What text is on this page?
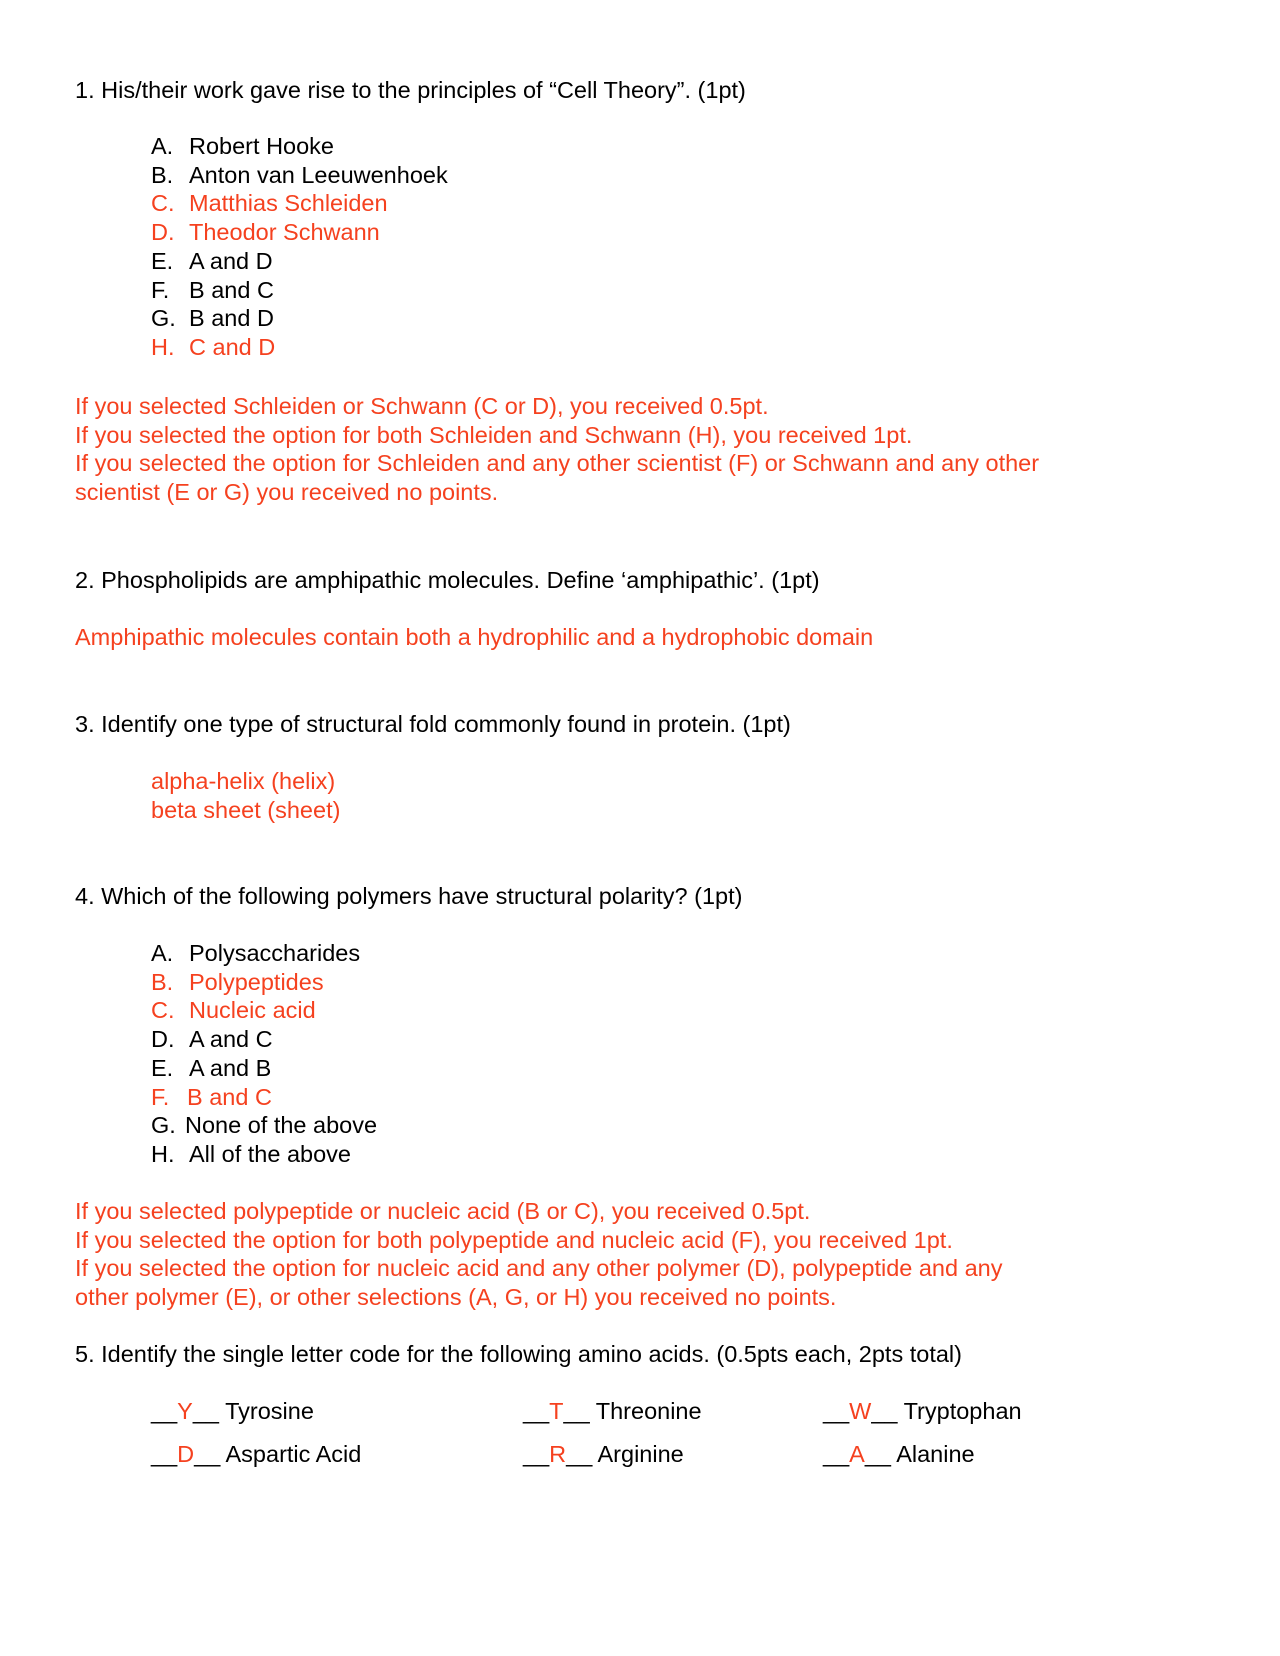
1. His/their work gave rise to the principles of “Cell Theory”. (1pt)
A. Robert Hooke
B. Anton van Leeuwenhoek
C. Matthias Schleiden
D. Theodor Schwann
E. A and D
F. B and C
G. B and D
H. C and D
If you selected Schleiden or Schwann (C or D), you received 0.5pt.
If you selected the option for both Schleiden and Schwann (H), you received 1pt.
If you selected the option for Schleiden and any other scientist (F) or Schwann and any other
scientist (E or G) you received no points.
2. Phospholipids are amphipathic molecules. Define ‘amphipathic’. (1pt)
Amphipathic molecules contain both a hydrophilic and a hydrophobic domain
3. Identify one type of structural fold commonly found in protein. (1pt)
alpha-helix (helix)
beta sheet (sheet)
4. Which of the following polymers have structural polarity? (1pt)
A. Polysaccharides
B. Polypeptides
C. Nucleic acid
D. A and C
E. A and B
F. B and C
G. None of the above
H. All of the above
If you selected polypeptide or nucleic acid (B or C), you received 0.5pt.
If you selected the option for both polypeptide and nucleic acid (F), you received 1pt.
If you selected the option for nucleic acid and any other polymer (D), polypeptide and any
other polymer (E), or other selections (A, G, or H) you received no points.
5. Identify the single letter code for the following amino acids. (0.5pts each, 2pts total)
__Y__ Tyrosine	__T__ Threonine	__W__ Tryptophan
__D__ Aspartic Acid	__R__ Arginine	__A__ Alanine
